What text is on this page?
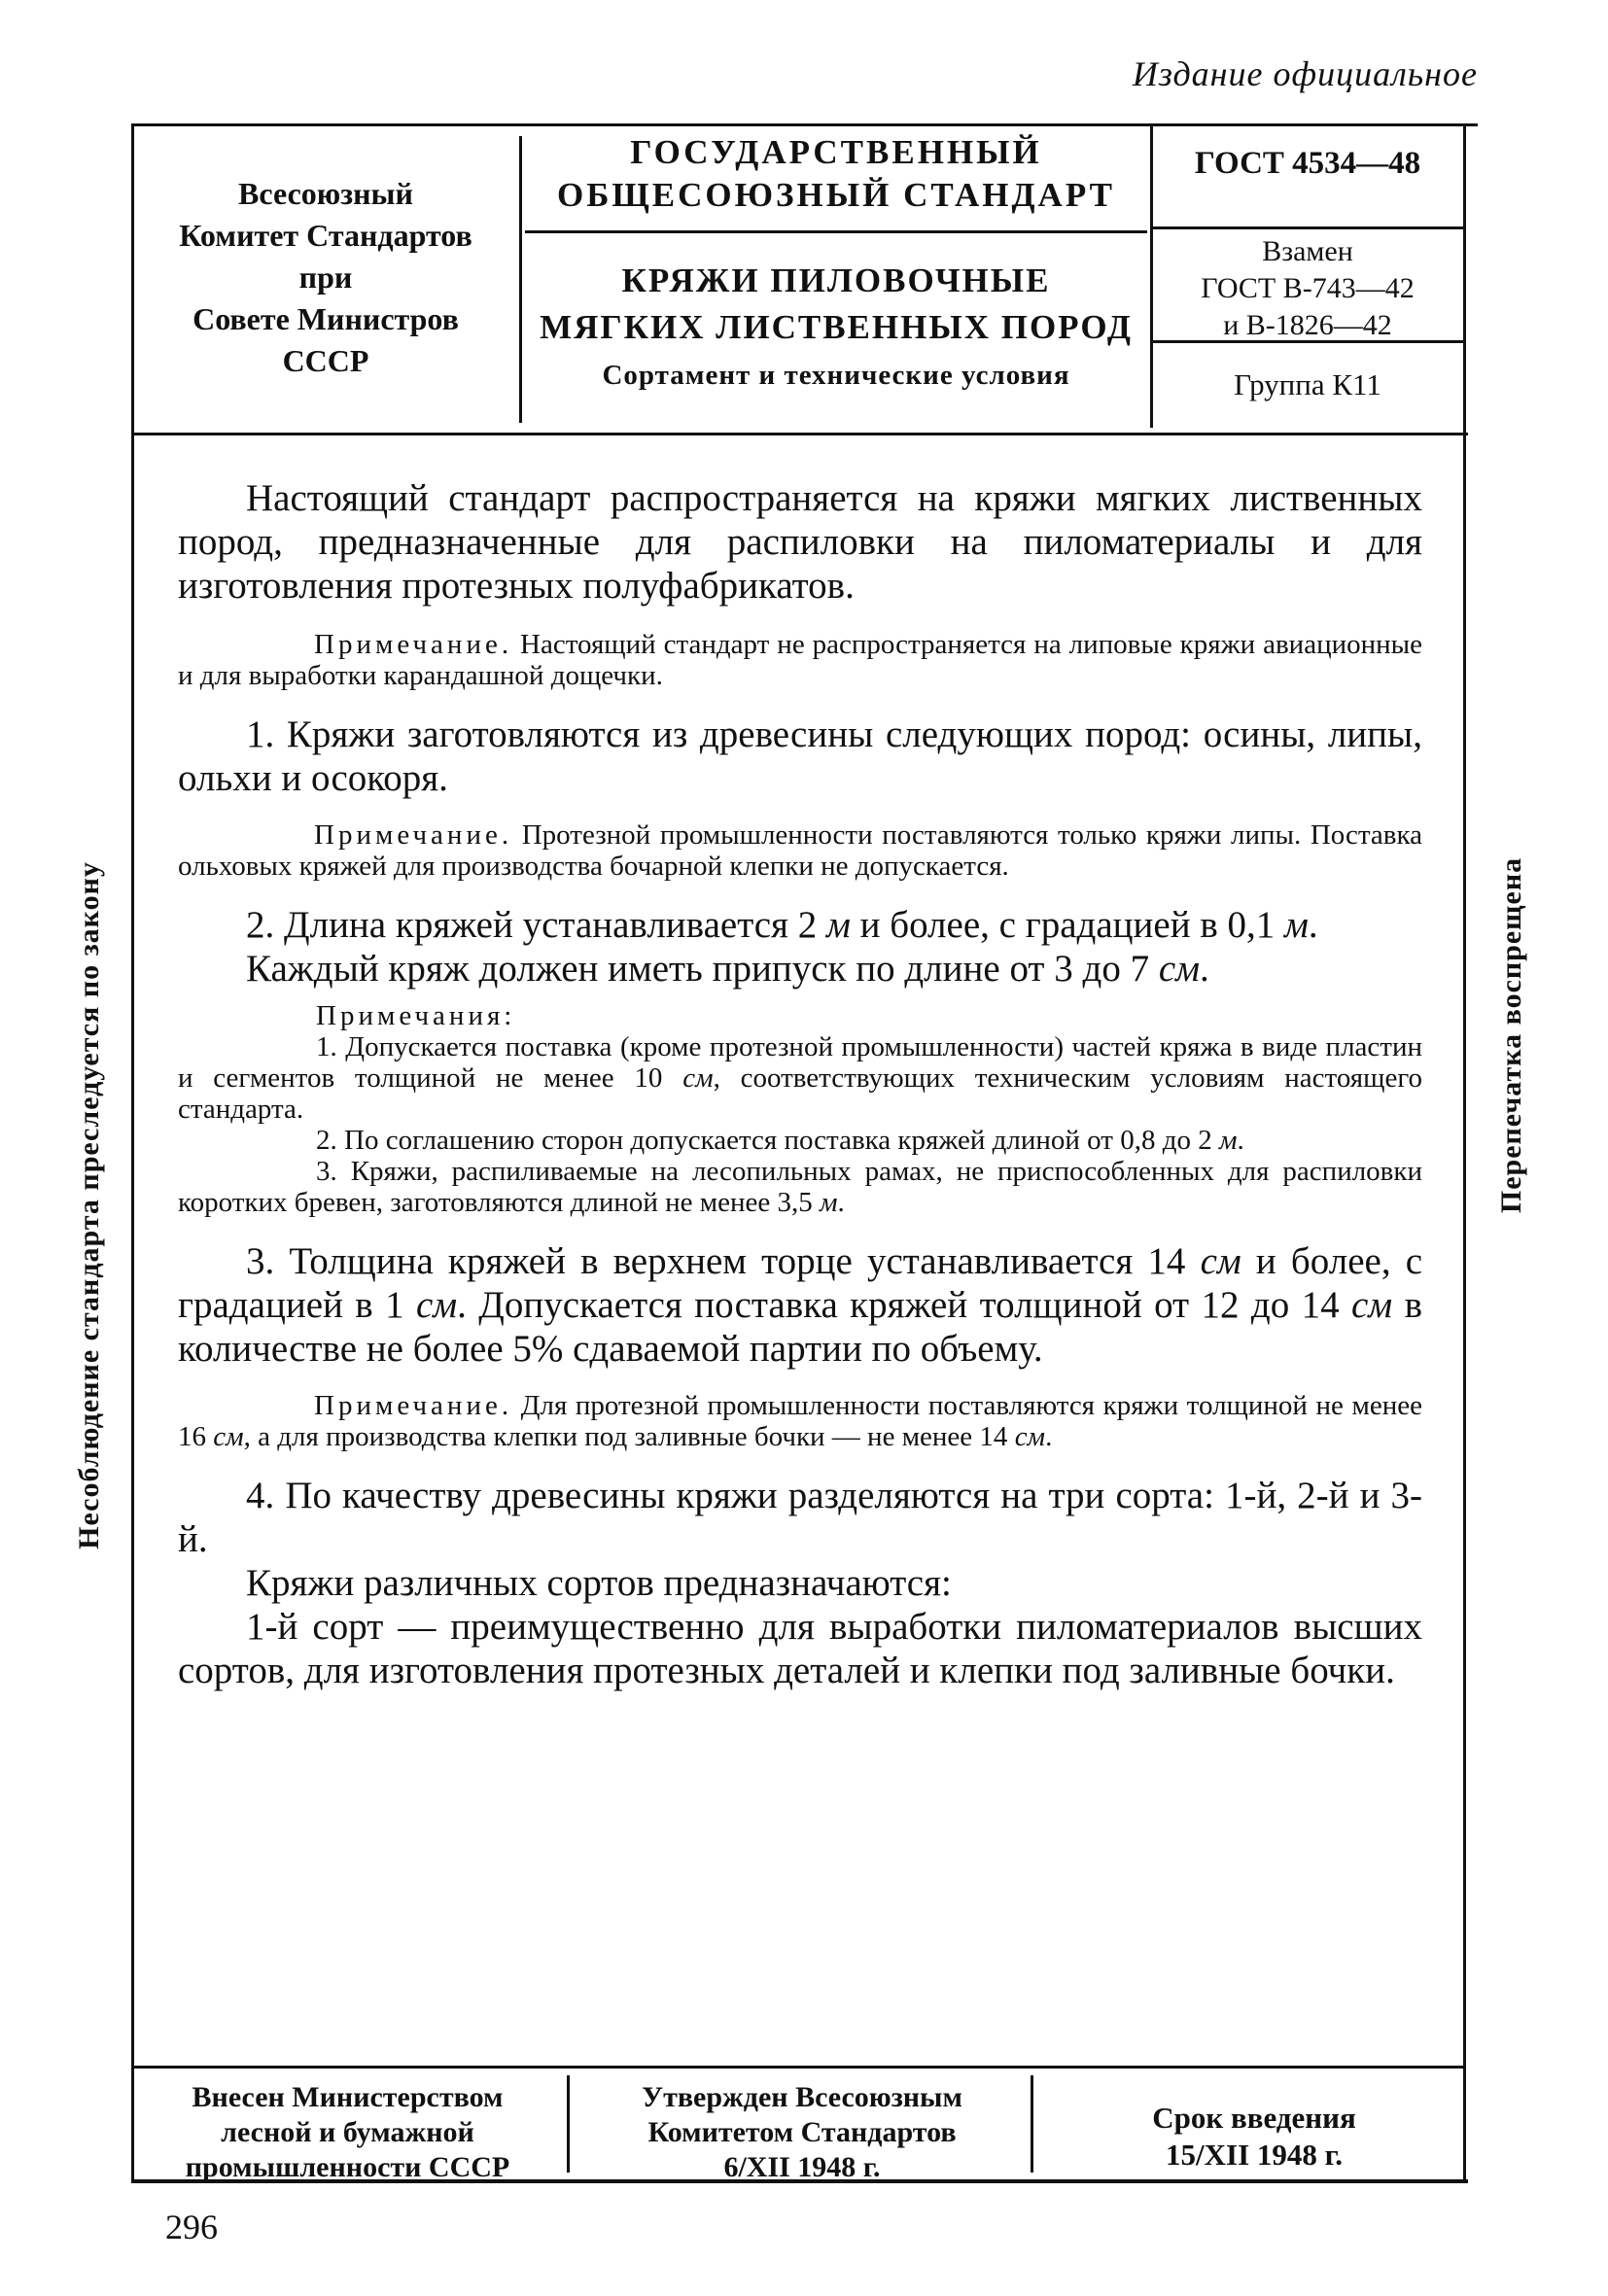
Издание официальное
Всесоюзный
Комитет Стандартов
при
Совете Министров
СССР
ГОСУДАРСТВЕННЫЙ
ОБЩЕСОЮЗНЫЙ СТАНДАРТ
КРЯЖИ ПИЛОВОЧНЫЕ
МЯГКИХ ЛИСТВЕННЫХ ПОРОД
Сортамент и технические условия
ГОСТ 4534—48
Взамен
ГОСТ В-743—42
и В-1826—42
Группа К11
Несоблюдение стандарта преследуется по закону	Перепечатка воспрещена

Настоящий стандарт распространяется на кряжи мягких лиственных пород, предназначенные для распиловки на пиломатериалы и для изготовления протезных полуфабрикатов.

Примечание. Настоящий стандарт не распространяется на липовые кряжи авиационные и для выработки карандашной дощечки.

1. Кряжи заготовляются из древесины следующих пород: осины, липы, ольхи и осокоря.

Примечание. Протезной промышленности поставляются только кряжи липы. Поставка ольховых кряжей для производства бочарной клепки не допускается.

2. Длина кряжей устанавливается 2 м и более, с градацией в 0,1 м.

Каждый кряж должен иметь припуск по длине от 3 до 7 см.

Примечания:

1. Допускается поставка (кроме протезной промышленности) частей кряжа в виде пластин и сегментов толщиной не менее 10 см, соответствующих техническим условиям настоящего стандарта.

2. По соглашению сторон допускается поставка кряжей длиной от 0,8 до 2 м.

3. Кряжи, распиливаемые на лесопильных рамах, не приспособленных для распиловки коротких бревен, заготовляются длиной не менее 3,5 м.

3. Толщина кряжей в верхнем торце устанавливается 14 см и более, с градацией в 1 см. Допускается поставка кряжей толщиной от 12 до 14 см в количестве не более 5% сдаваемой партии по объему.

Примечание. Для протезной промышленности поставляются кряжи толщиной не менее 16 см, а для производства клепки под заливные бочки — не менее 14 см.

4. По качеству древесины кряжи разделяются на три сорта: 1-й, 2-й и 3-й.

Кряжи различных сортов предназначаются:

1-й сорт — преимущественно для выработки пиломатериалов высших сортов, для изготовления протезных деталей и клепки под заливные бочки.

Внесен Министерством
лесной и бумажной
промышленности СССР
Утвержден Всесоюзным
Комитетом Стандартов
6/XII 1948 г.
Срок введения
15/XII 1948 г.
296
